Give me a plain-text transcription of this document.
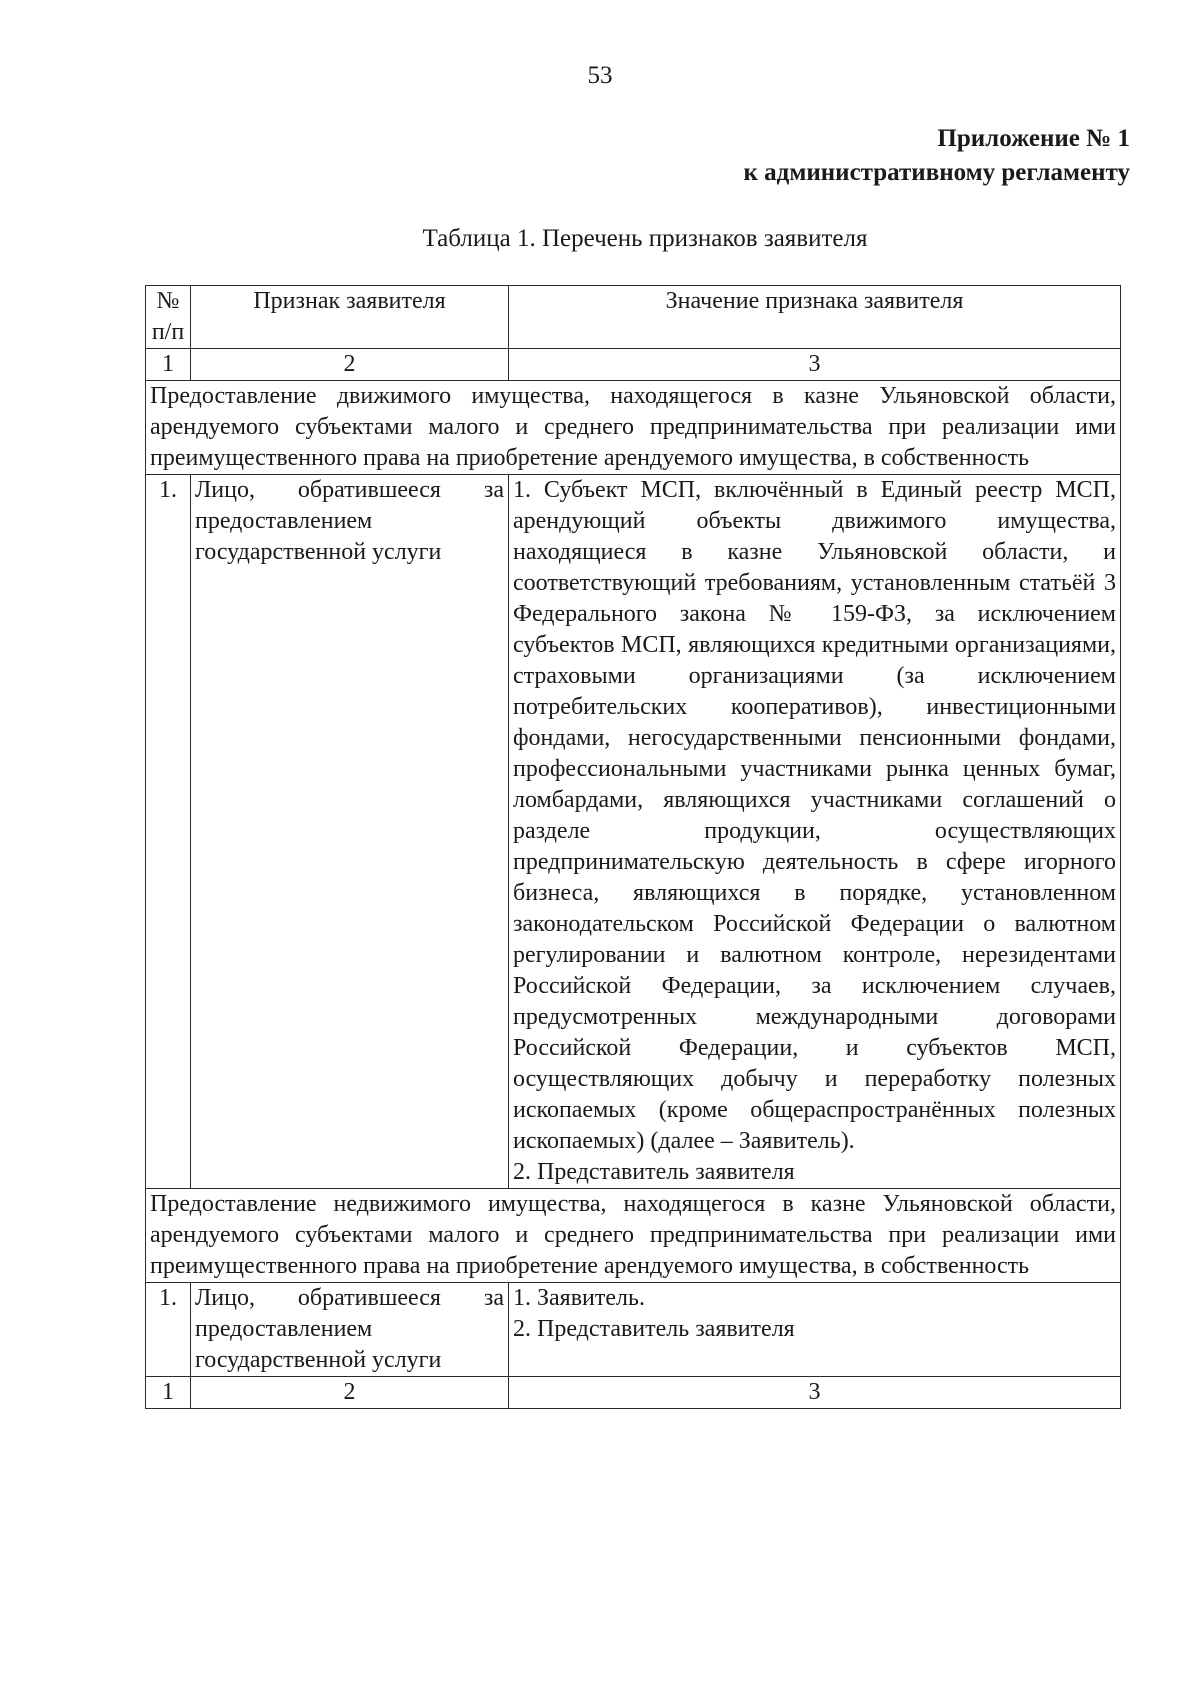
53
Приложение № 1
к административному регламенту
Таблица 1. Перечень признаков заявителя
№ п/п	Признак заявителя	Значение признака заявителя
1	2	3
Предоставление движимого имущества, находящегося в казне Ульяновской области, арендуемого субъектами малого и среднего предпринимательства при реализации ими преимущественного права на приобретение арендуемого имущества, в собственность		
1.	Лицо, обратившееся за предоставлением государственной услуги	1. Субъект МСП, включённый в Единый реестр МСП, арендующий объекты движимого имущества, находящиеся в казне Ульяновской области, и соответствующий требованиям, установленным статьёй 3 Федерального закона № 159-ФЗ, за исключением субъектов МСП, являющихся кредитными организациями, страховыми организациями (за исключением потребительских кооперативов), инвестиционными фондами, негосударственными пенсионными фондами, профессиональными участниками рынка ценных бумаг, ломбардами, являющихся участниками соглашений о разделе продукции, осуществляющих предпринимательскую деятельность в сфере игорного бизнеса, являющихся в порядке, установленном законодательском Российской Федерации о валютном регулировании и валютном контроле, нерезидентами Российской Федерации, за исключением случаев, предусмотренных международными договорами Российской Федерации, и субъектов МСП, осуществляющих добычу и переработку полезных ископаемых (кроме общераспространённых полезных ископаемых) (далее – Заявитель).
2. Представитель заявителя

Предоставление недвижимого имущества, находящегося в казне Ульяновской области, арендуемого субъектами малого и среднего предпринимательства при реализации ими преимущественного права на приобретение арендуемого имущества, в собственность		
1.	Лицо, обратившееся за предоставлением государственной услуги	1. Заявитель.
2. Представитель заявителя

1	2	3
